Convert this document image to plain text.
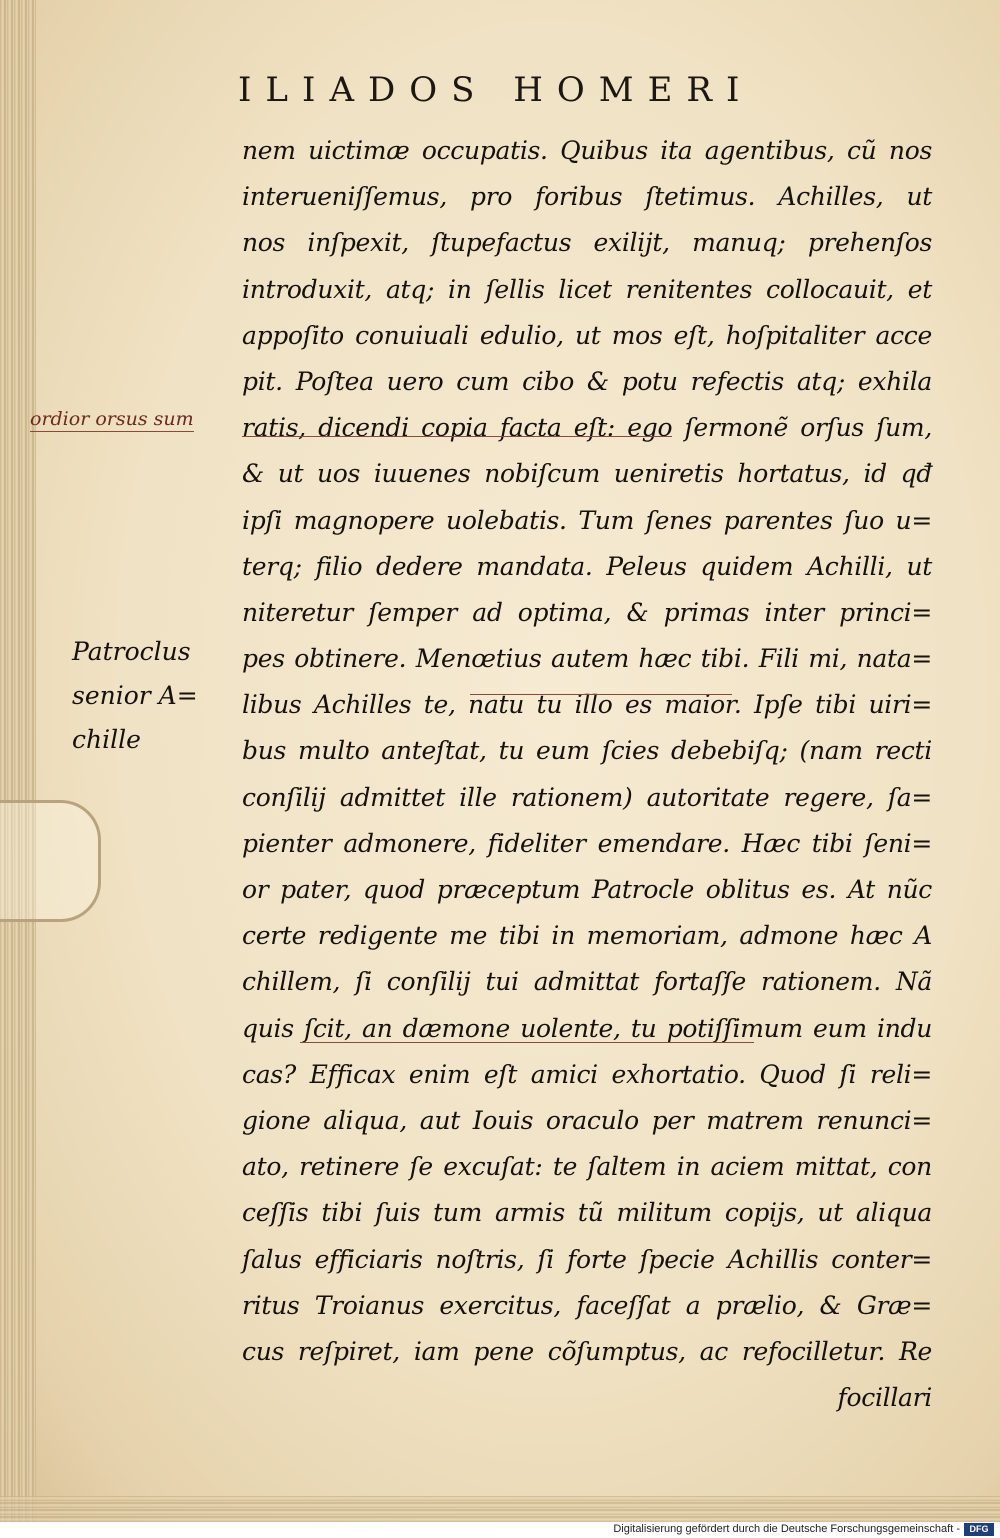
ILIADOS HOMERI
ordior orsus sum
Patroclus
senior A=
chille
nem uictimæ occupatis. Quibus ita agentibus, cũ nos
interueniſſemus, pro foribus ſtetimus. Achilles, ut
nos inſpexit, ſtupefactus exilijt, manuq; prehenſos
introduxit, atq; in ſellis licet renitentes collocauit, et
appoſito conuiuali edulio, ut mos eſt, hoſpitaliter acce
pit. Poſtea uero cum cibo & potu refectis atq; exhila
ratis, dicendi copia facta eſt: ego ſermonẽ orſus ſum,
& ut uos iuuenes nobiſcum ueniretis hortatus, id qđ
ipſi magnopere uolebatis. Tum ſenes parentes ſuo u=
terq; filio dedere mandata. Peleus quidem Achilli, ut
niteretur ſemper ad optima, & primas inter princi=
pes obtinere. Menœtius autem hæc tibi. Fili mi, nata=
libus Achilles te, natu tu illo es maior. Ipſe tibi uiri=
bus multo anteſtat, tu eum ſcies debebiſq; (nam recti
conſilij admittet ille rationem) autoritate regere, ſa=
pienter admonere, fideliter emendare. Hæc tibi ſeni=
or pater, quod præceptum Patrocle oblitus es. At nũc
certe redigente me tibi in memoriam, admone hæc A
chillem, ſi conſilij tui admittat fortaſſe rationem. Nã
quis ſcit, an dæmone uolente, tu potiſſimum eum indu
cas? Efficax enim eſt amici exhortatio. Quod ſi reli=
gione aliqua, aut Iouis oraculo per matrem renunci=
ato, retinere ſe excuſat: te ſaltem in aciem mittat, con
ceſſis tibi ſuis tum armis tũ militum copijs, ut aliqua
ſalus efficiaris noſtris, ſi forte ſpecie Achillis conter=
ritus Troianus exercitus, faceſſat a prælio, & Græ=
cus reſpiret, iam pene cõſumptus, ac refocilletur. Re
focillari
Digitalisierung gefördert durch die Deutsche Forschungsgemeinschaft -	DFG
